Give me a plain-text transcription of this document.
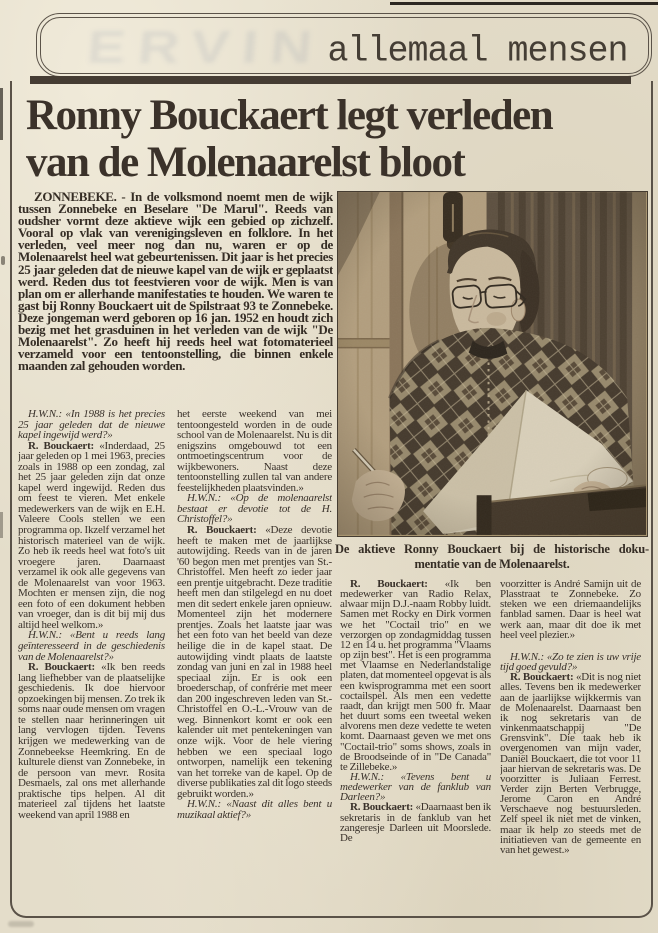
ERVIN allemaal mensen
Ronny Bouckaert legt verleden
van de Molenaarelst bloot

ZONNEBEKE. - In de volksmond noemt men de wijk tussen Zonnebeke en Beselare "De Marul". Reeds van oudsher vormt deze aktieve wijk een gebied op zichzelf. Vooral op vlak van verenigingsleven en folklore. In het verleden, veel meer nog dan nu, waren er op de Molenaarelst heel wat gebeurtenissen. Dit jaar is het precies 25 jaar geleden dat de nieuwe kapel van de wijk er geplaatst werd. Reden dus tot feestvieren voor de wijk. Men is van plan om er allerhande manifestaties te houden. We waren te gast bij Ronny Bouckaert uit de Spilstraat 93 te Zonnebeke. Deze jongeman werd geboren op 16 jan. 1952 en houdt zich bezig met het grasduinen in het verleden van de wijk "De Molenaarelst". Zo heeft hij reeds heel wat fotomaterieel verzameld voor een tentoonstelling, die binnen enkele maanden zal gehouden worden.

De aktieve Ronny Bouckaert bij de historische doku-
mentatie van de Molenaarelst.

H.W.N.: «In 1988 is het precies 25 jaar geleden dat de nieuwe kapel ingewijd werd?»

R. Bouckaert: «Inderdaad, 25 jaar geleden op 1 mei 1963, precies zoals in 1988 op een zondag, zal het 25 jaar geleden zijn dat onze kapel werd ingewijd. Reden dus om feest te vieren. Met enkele medewerkers van de wijk en E.H. Valeere Cools stellen we een programma op. Ikzelf verzamel het historisch materieel van de wijk. Zo heb ik reeds heel wat foto's uit vroegere jaren. Daarnaast verzamel ik ook alle gegevens van de Molenaarelst van voor 1963. Mochten er mensen zijn, die nog een foto of een dokument hebben van vroeger, dan is dit bij mij dus altijd heel welkom.»

H.W.N.: «Bent u reeds lang geïnteresseerd in de geschiedenis van de Molenaarelst?»

R. Bouckaert: «Ik ben reeds lang liefhebber van de plaatselijke geschiedenis. Ik doe hiervoor opzoekingen bij mensen. Zo trek ik soms naar oude mensen om vragen te stellen naar herinneringen uit lang vervlogen tijden. Tevens krijgen we medewerking van de Zonnebeekse Heemkring. En de kulturele dienst van Zonnebeke, in de persoon van mevr. Rosita Desmaels, zal ons met allerhande praktische tips helpen. Al dit materieel zal tijdens het laatste weekend van april 1988 en

het eerste weekend van mei tentoongesteld worden in de oude school van de Molenaarelst. Nu is dit enigszins omgebouwd tot een ontmoetingscentrum voor de wijkbewoners. Naast deze tentoonstelling zullen tal van andere feestelijkheden plaatsvinden.»

H.W.N.: «Op de molenaarelst bestaat er devotie tot de H. Christoffel?»

R. Bouckaert: «Deze devotie heeft te maken met de jaarlijkse autowijding. Reeds van in de jaren '60 begon men met prentjes van St.-Christoffel. Men heeft zo ieder jaar een prentje uitgebracht. Deze traditie heeft men dan stilgelegd en nu doet men dit sedert enkele jaren opnieuw. Momenteel zijn het modernere prentjes. Zoals het laatste jaar was het een foto van het beeld van deze heilige die in de kapel staat. De autowijding vindt plaats de laatste zondag van juni en zal in 1988 heel speciaal zijn. Er is ook een broederschap, of confrérie met meer dan 200 ingeschreven leden van St.-Christoffel en O.-L.-Vrouw van de weg. Binnenkort komt er ook een kalender uit met pentekeningen van onze wijk. Voor de hele viering hebben we een speciaal logo ontworpen, namelijk een tekening van het torreke van de kapel. Op de diverse publikaties zal dit logo steeds gebruikt worden.»

H.W.N.: «Naast dit alles bent u muzikaal aktief?»

R. Bouckaert: «Ik ben medewerker van Radio Relax, alwaar mijn D.J.-naam Robby luidt. Samen met Rocky en Dirk vormen we het "Coctail trio" en we verzorgen op zondagmiddag tussen 12 en 14 u. het programma "Vlaams op zijn best". Het is een programma met Vlaamse en Nederlandstalige platen, dat momenteel opgevat is als een kwisprogramma met een soort coctailspel. Als men een vedette raadt, dan krijgt men 500 fr. Maar het duurt soms een tweetal weken alvorens men deze vedette te weten komt. Daarnaast geven we met ons "Coctail-trio" soms shows, zoals in de Broodseinde of in "De Canada" te Zillebeke.»

H.W.N.: «Tevens bent u medewerker van de fanklub van Darleen?»

R. Bouckaert: «Daarnaast ben ik sekretaris in de fanklub van het zangeresje Darleen uit Moorslede. De

voorzitter is André Samijn uit de Plasstraat te Zonnebeke. Zo steken we een driemaandelijks fanblad samen. Daar is heel wat werk aan, maar dit doe ik met heel veel plezier.»

H.W.N.: «Zo te zien is uw vrije tijd goed gevuld?»

R. Bouckaert: «Dit is nog niet alles. Tevens ben ik medewerker aan de jaarlijkse wijkkermis van de Molenaarelst. Daarnaast ben ik nog sekretaris van de vinkenmaatschappij "De Grensvink". Die taak heb ik overgenomen van mijn vader, Daniël Bouckaert, die tot voor 11 jaar hiervan de sekretaris was. De voorzitter is Juliaan Ferrest. Verder zijn Berten Verbrugge, Jerome Caron en André Verschaeve nog bestuursleden. Zelf speel ik niet met de vinken, maar ik help zo steeds met de initiatieven van de gemeente en van het gewest.»
